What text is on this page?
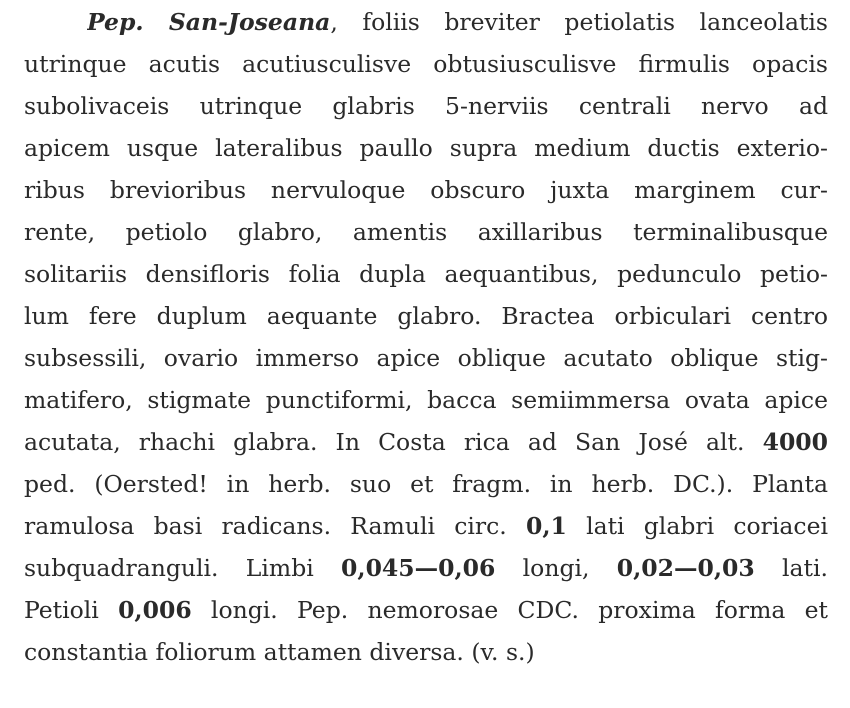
Pep. San-Joseana, foliis breviter petiolatis lanceolatis
utrinque acutis acutiusculisve obtusiusculisve firmulis opacis
subolivaceis utrinque glabris 5-nerviis centrali nervo ad
apicem usque lateralibus paullo supra medium ductis exterio-
ribus brevioribus nervuloque obscuro juxta marginem cur-
rente, petiolo glabro, amentis axillaribus terminalibusque
solitariis densifloris folia dupla aequantibus, pedunculo petio-
lum fere duplum aequante glabro. Bractea orbiculari centro
subsessili, ovario immerso apice oblique acutato oblique stig-
matifero, stigmate punctiformi, bacca semiimmersa ovata apice
acutata, rhachi glabra. In Costa rica ad San José alt. 4000
ped. (Oersted! in herb. suo et fragm. in herb. DC.). Planta
ramulosa basi radicans. Ramuli circ. 0,1 lati glabri coriacei
subquadranguli. Limbi 0,045—0,06 longi, 0,02—0,03 lati.
Petioli 0,006 longi. Pep. nemorosae CDC. proxima forma et
constantia foliorum attamen diversa. (v. s.)
